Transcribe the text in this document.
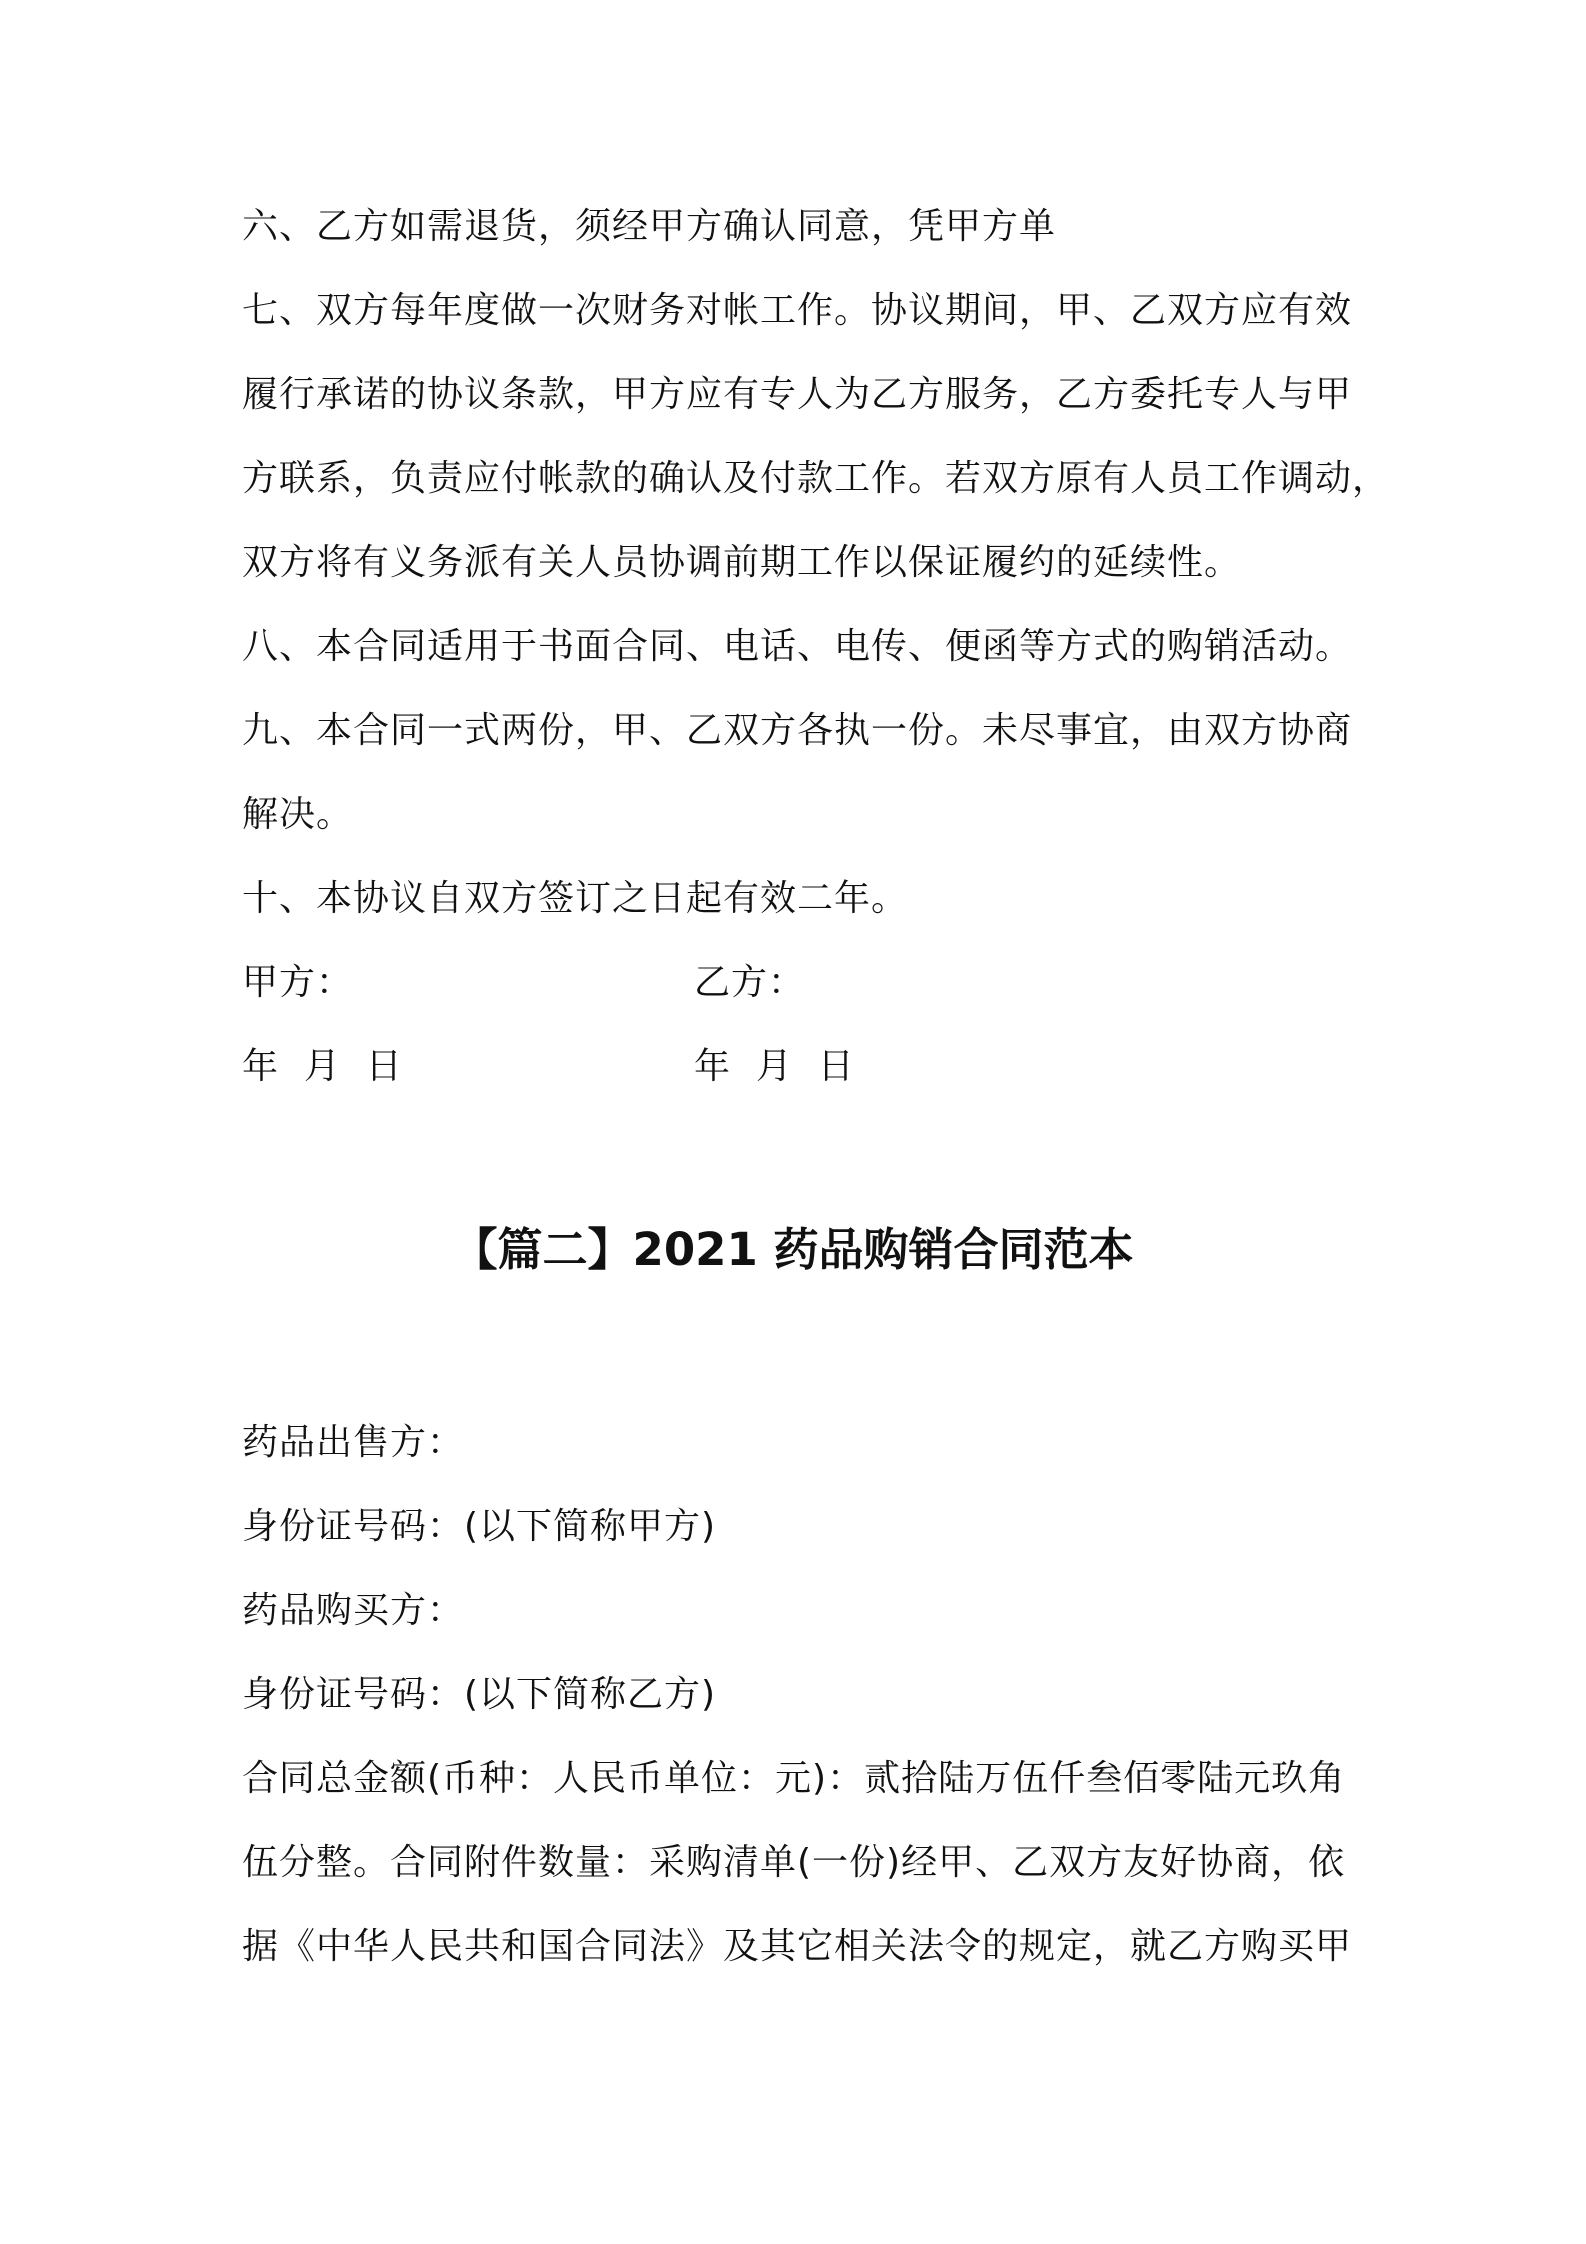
六、乙方如需退货，须经甲方确认同意，凭甲方单
七、双方每年度做一次财务对帐工作。协议期间，甲、乙双方应有效
履行承诺的协议条款，甲方应有专人为乙方服务，乙方委托专人与甲
方联系，负责应付帐款的确认及付款工作。若双方原有人员工作调动，
双方将有义务派有关人员协调前期工作以保证履约的延续性。
八、本合同适用于书面合同、电话、电传、便函等方式的购销活动。
九、本合同一式两份，甲、乙双方各执一份。未尽事宜，由双方协商
解决。
十、本协议自双方签订之日起有效二年。
甲方：	乙方：
年  月  日	年  月  日
【篇二】2021 药品购销合同范本
药品出售方：
身份证号码：(以下简称甲方)
药品购买方：
身份证号码：(以下简称乙方)
合同总金额(币种：人民币单位：元)：贰拾陆万伍仟叁佰零陆元玖角
伍分整。合同附件数量：采购清单(一份)经甲、乙双方友好协商，依
据《中华人民共和国合同法》及其它相关法令的规定，就乙方购买甲
